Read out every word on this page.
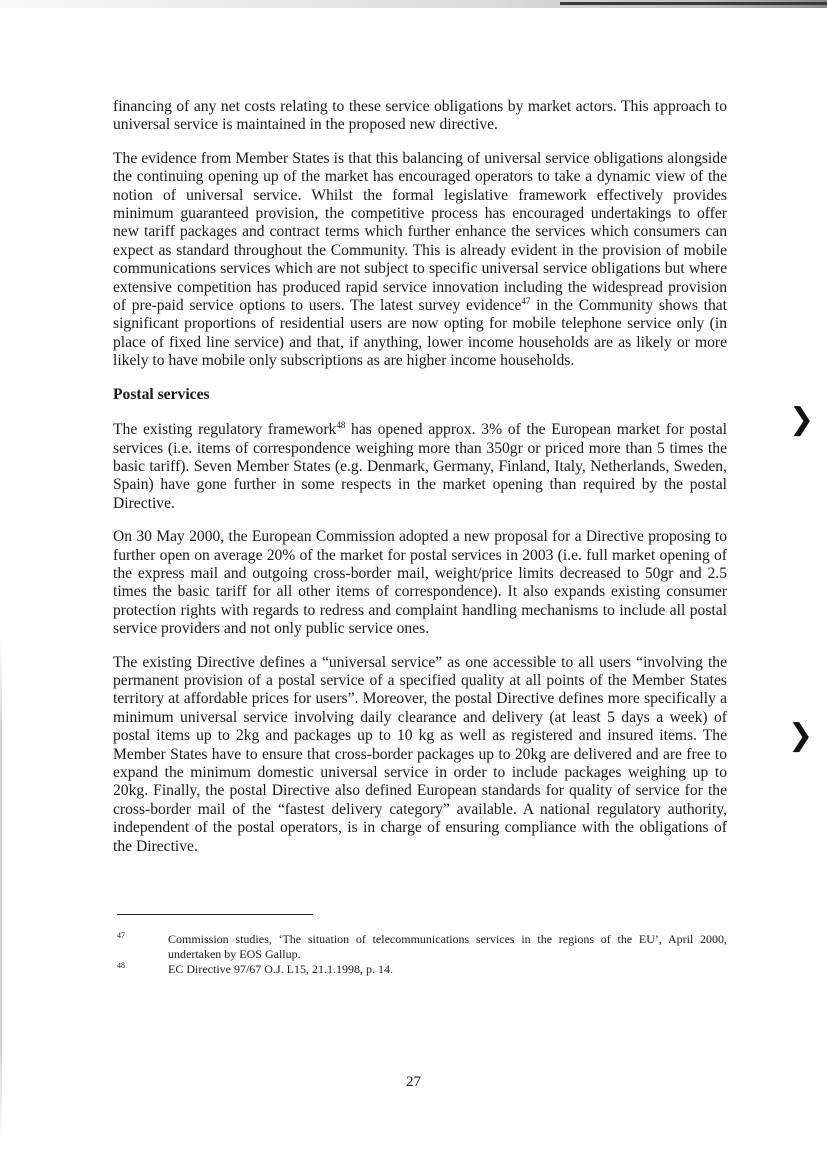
financing of any net costs relating to these service obligations by market actors. This approach to universal service is maintained in the proposed new directive.

The evidence from Member States is that this balancing of universal service obligations alongside the continuing opening up of the market has encouraged operators to take a dynamic view of the notion of universal service. Whilst the formal legislative framework effectively provides minimum guaranteed provision, the competitive process has encouraged undertakings to offer new tariff packages and contract terms which further enhance the services which consumers can expect as standard throughout the Community. This is already evident in the provision of mobile communications services which are not subject to specific universal service obligations but where extensive competition has produced rapid service innovation including the widespread provision of pre-paid service options to users. The latest survey evidence$^{47}$ in the Community shows that significant proportions of residential users are now opting for mobile telephone service only (in place of fixed line service) and that, if anything, lower income households are as likely or more likely to have mobile only subscriptions as are higher income households.

Postal services

The existing regulatory framework$^{48}$ has opened approx. 3% of the European market for postal services (i.e. items of correspondence weighing more than 350gr or priced more than 5 times the basic tariff). Seven Member States (e.g. Denmark, Germany, Finland, Italy, Netherlands, Sweden, Spain) have gone further in some respects in the market opening than required by the postal Directive.

On 30 May 2000, the European Commission adopted a new proposal for a Directive proposing to further open on average 20% of the market for postal services in 2003 (i.e. full market opening of the express mail and outgoing cross-border mail, weight/price limits decreased to 50gr and 2.5 times the basic tariff for all other items of correspondence). It also expands existing consumer protection rights with regards to redress and complaint handling mechanisms to include all postal service providers and not only public service ones.

The existing Directive defines a “universal service” as one accessible to all users “involving the permanent provision of a postal service of a specified quality at all points of the Member States territory at affordable prices for users”. Moreover, the postal Directive defines more specifically a minimum universal service involving daily clearance and delivery (at least 5 days a week) of postal items up to 2kg and packages up to 10 kg as well as registered and insured items. The Member States have to ensure that cross-border packages up to 20kg are delivered and are free to expand the minimum domestic universal service in order to include packages weighing up to 20kg. Finally, the postal Directive also defined European standards for quality of service for the cross-border mail of the “fastest delivery category” available. A national regulatory authority, independent of the postal operators, is in charge of ensuring compliance with the obligations of the Directive.

47	Commission studies, ‘The situation of telecommunications services in the regions of the EU’, April 2000, undertaken by EOS Gallup.
48	EC Directive 97/67 O.J. L15, 21.1.1998, p. 14.
27
❯
❯
